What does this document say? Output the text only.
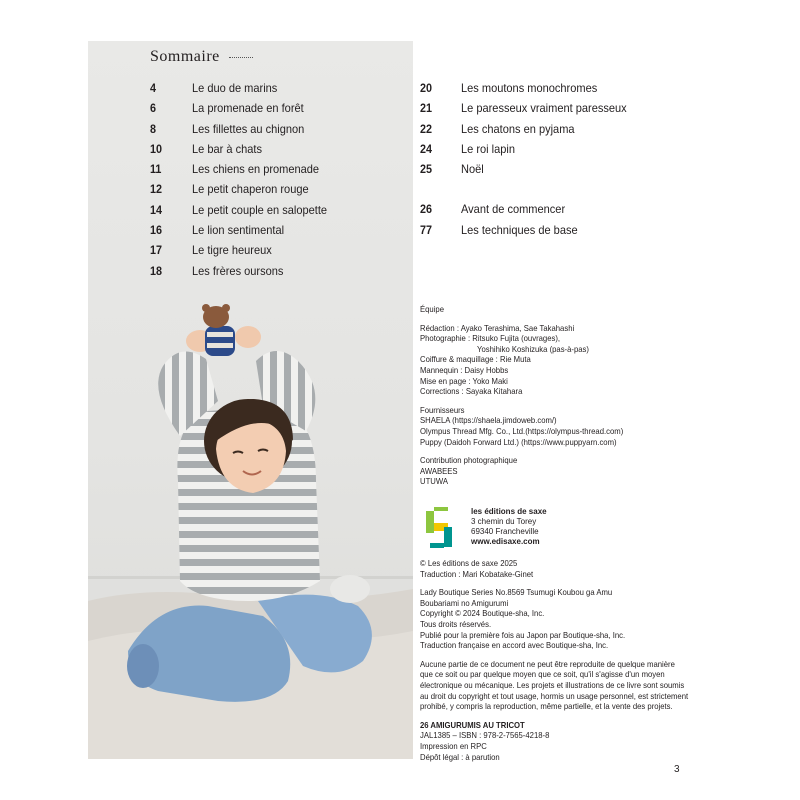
Sommaire
4	Le duo de marins
6	La promenade en forêt
8	Les fillettes au chignon
10 Le bar à chats
11	Les chiens en promenade
12 Le petit chaperon rouge
14 Le petit couple en salopette
16 Le lion sentimental
17 Le tigre heureux
18 Les frères oursons
20 Les moutons monochromes
21 Le paresseux vraiment paresseux
22 Les chatons en pyjama
24 Le roi lapin
25 Noël
26 Avant de commencer
77 Les techniques de base
Équipe
Rédaction : Ayako Terashima, Sae Takahashi
Photographie : Ritsuko Fujita (ouvrages),
Yoshihiko Koshizuka (pas-à-pas)
Coiffure & maquillage : Rie Muta
Mannequin : Daisy Hobbs
Mise en page : Yoko Maki
Corrections : Sayaka Kitahara
Fournisseurs
SHAELA (https://shaela.jimdoweb.com/)
Olympus Thread Mfg. Co., Ltd.(https://olympus-thread.com)
Puppy (Daidoh Forward Ltd.) (https://www.puppyarn.com)
Contribution photographique
AWABEES
UTUWA
les éditions de saxe
3 chemin du Torey
69340 Francheville
www.edisaxe.com
© Les éditions de saxe 2025
Traduction : Mari Kobatake-Ginet
Lady Boutique Series No.8569 Tsumugi Koubou ga Amu
Boubariami no Amigurumi
Copyright © 2024 Boutique-sha, Inc.
Tous droits réservés.
Publié pour la première fois au Japon par Boutique-sha, Inc.
Traduction française en accord avec Boutique-sha, Inc.
Aucune partie de ce document ne peut être reproduite de quelque manière
que ce soit ou par quelque moyen que ce soit, qu'il s'agisse d'un moyen
électronique ou mécanique. Les projets et illustrations de ce livre sont soumis
au droit du copyright et tout usage, hormis un usage personnel, est strictement
prohibé, y compris la reproduction, même partielle, et la vente des projets.
26 AMIGURUMIS AU TRICOT
JAL1385 – ISBN : 978-2-7565-4218-8
Impression en RPC
Dépôt légal : à parution
3
